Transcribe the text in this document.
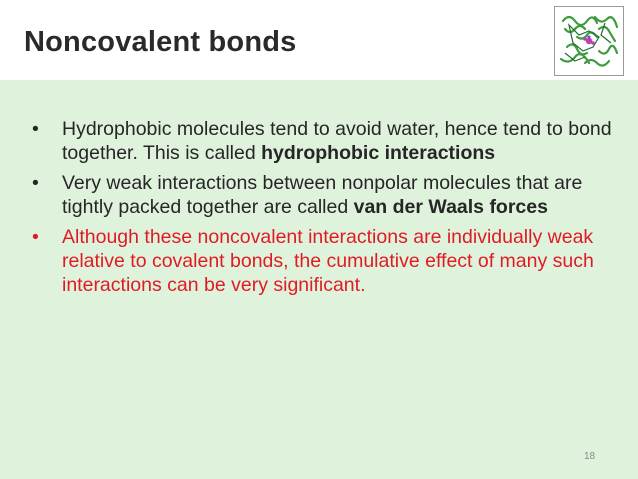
Noncovalent bonds
• Hydrophobic molecules tend to avoid water, hence tend to bond together. This is called hydrophobic interactions
• Very weak interactions between nonpolar molecules that are tightly packed together are called van der Waals forces
• Although these noncovalent interactions are individually weak relative to covalent bonds, the cumulative effect of many such interactions can be very significant.
18
